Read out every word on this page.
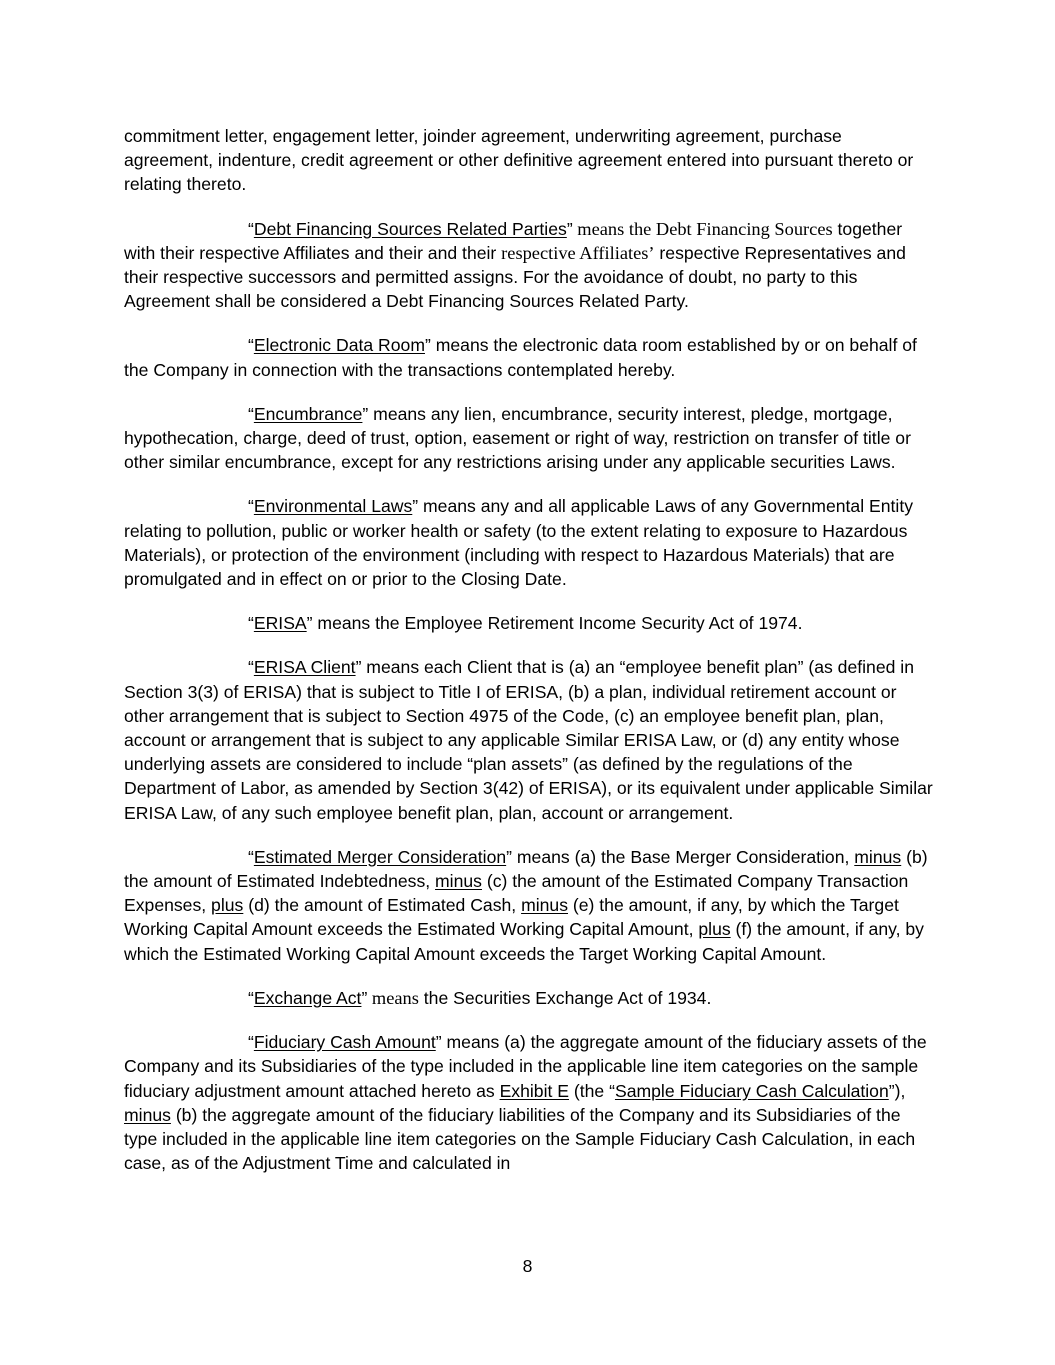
commitment letter, engagement letter, joinder agreement, underwriting agreement, purchase agreement, indenture, credit agreement or other definitive agreement entered into pursuant thereto or relating thereto.

“Debt Financing Sources Related Parties” means the Debt Financing Sources together with their respective Affiliates and their and their respective Affiliates’ respective Representatives and their respective successors and permitted assigns. For the avoidance of doubt, no party to this Agreement shall be considered a Debt Financing Sources Related Party.

“Electronic Data Room” means the electronic data room established by or on behalf of the Company in connection with the transactions contemplated hereby.

“Encumbrance” means any lien, encumbrance, security interest, pledge, mortgage, hypothecation, charge, deed of trust, option, easement or right of way, restriction on transfer of title or other similar encumbrance, except for any restrictions arising under any applicable securities Laws.

“Environmental Laws” means any and all applicable Laws of any Governmental Entity relating to pollution, public or worker health or safety (to the extent relating to exposure to Hazardous Materials), or protection of the environment (including with respect to Hazardous Materials) that are promulgated and in effect on or prior to the Closing Date.

“ERISA” means the Employee Retirement Income Security Act of 1974.

“ERISA Client” means each Client that is (a) an “employee benefit plan” (as defined in Section 3(3) of ERISA) that is subject to Title I of ERISA, (b) a plan, individual retirement account or other arrangement that is subject to Section 4975 of the Code, (c) an employee benefit plan, plan, account or arrangement that is subject to any applicable Similar ERISA Law, or (d) any entity whose underlying assets are considered to include “plan assets” (as defined by the regulations of the Department of Labor, as amended by Section 3(42) of ERISA), or its equivalent under applicable Similar ERISA Law, of any such employee benefit plan, plan, account or arrangement.

“Estimated Merger Consideration” means (a) the Base Merger Consideration, minus (b) the amount of Estimated Indebtedness, minus (c) the amount of the Estimated Company Transaction Expenses, plus (d) the amount of Estimated Cash, minus (e) the amount, if any, by which the Target Working Capital Amount exceeds the Estimated Working Capital Amount, plus (f) the amount, if any, by which the Estimated Working Capital Amount exceeds the Target Working Capital Amount.

“Exchange Act” means the Securities Exchange Act of 1934.

“Fiduciary Cash Amount” means (a) the aggregate amount of the fiduciary assets of the Company and its Subsidiaries of the type included in the applicable line item categories on the sample fiduciary adjustment amount attached hereto as Exhibit E (the “Sample Fiduciary Cash Calculation”), minus (b) the aggregate amount of the fiduciary liabilities of the Company and its Subsidiaries of the type included in the applicable line item categories on the Sample Fiduciary Cash Calculation, in each case, as of the Adjustment Time and calculated in

8
